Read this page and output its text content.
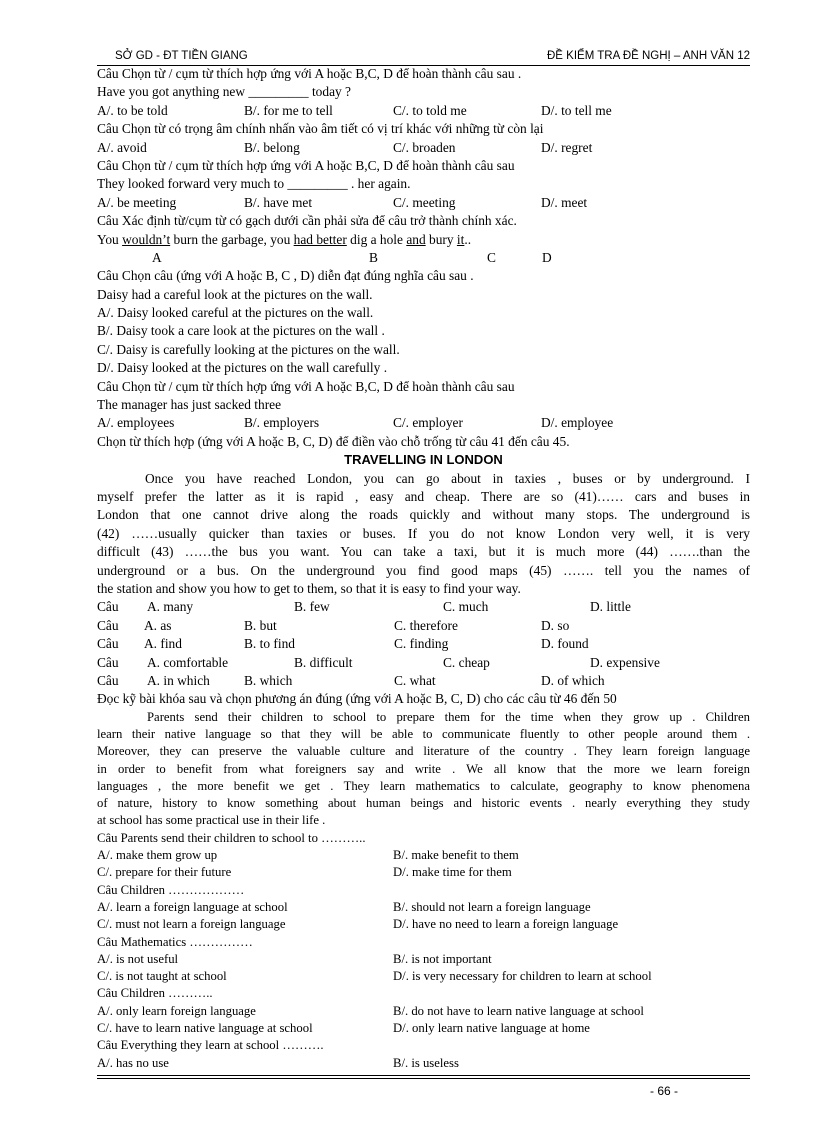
SỞ GD - ĐT TIỀN GIANG	ĐỀ KIỂM TRA ĐỀ NGHỊ – ANH VĂN 12
Câu Chọn từ / cụm từ thích hợp ứng với A hoặc B,C, D để hoàn thành câu sau .
Have you got anything new _________ today ?
A/. to be told	B/. for me to tell	C/. to told me	D/. to tell me
Câu Chọn từ có trọng âm chính nhấn vào âm tiết có vị trí khác với những từ còn lại
A/. avoid	B/. belong	C/. broaden	D/. regret
Câu Chọn từ / cụm từ thích hợp ứng với A hoặc B,C, D để hoàn thành câu sau
They looked forward very much to _________ . her again.
A/. be meeting	B/. have met	C/. meeting	D/. meet
Câu Xác định từ/cụm từ có gạch dưới cần phải sửa để câu trở thành chính xác.
You wouldn’t burn the garbage, you had better dig a hole and bury it..
A	B	C	D
Câu Chọn câu (ứng với A hoặc B, C , D) diễn đạt đúng nghĩa câu sau .
Daisy had a careful look at the pictures on the wall.
A/. Daisy looked careful at the pictures on the wall.
B/. Daisy took a care look at the pictures on the wall .
C/. Daisy is carefully looking at the pictures on the wall.
D/. Daisy looked at the pictures on the wall carefully .
Câu Chọn từ / cụm từ thích hợp ứng với A hoặc B,C, D để hoàn thành câu sau
The manager has just sacked three
A/. employees	B/. employers	C/. employer	D/. employee
Chọn từ thích hợp (ứng với A hoặc B, C, D) để điền vào chỗ trống từ câu 41 đến câu 45.
TRAVELLING IN LONDON
Once you have reached London, you can go about in taxies , buses or by underground. I
myself prefer the latter as it is rapid , easy and cheap. There are so (41)…… cars and buses in
London that one cannot drive along the roads quickly and without many stops. The underground is
(42) ……usually quicker than taxies or buses. If you do not know London very well, it is very
difficult (43) ……the bus you want. You can take a taxi, but it is much more (44) …….than the
underground or a bus. On the underground you find good maps (45) ……. tell you the names of
the station and show you how to get to them, so that it is easy to find your way.
Câu A. many	B. few	C. much	D. little
Câu A. as	B. but	C. therefore	D. so
Câu A. find	B. to find	C. finding	D. found
Câu A. comfortable	B. difficult	C. cheap	D. expensive
Câu A. in which	B. which	C. what	D. of which
Đọc kỹ bài khóa sau và chọn phương án đúng (ứng với A hoặc B, C, D) cho các câu từ 46 đến 50
Parents send their children to school to prepare them for the time when they grow up . Children
learn their native language so that they will be able to communicate fluently to other people around them .
Moreover, they can preserve the valuable culture and literature of the country . They learn foreign language
in order to benefit from what foreigners say and write . We all know that the more we learn foreign
languages , the more benefit we get . They learn mathematics to calculate, geography to know phenomena
of nature, history to know something about human beings and historic events . nearly everything they study
at school has some practical use in their life .
Câu Parents send their children to school to ………..
A/. make them grow up	B/. make benefit to them
C/. prepare for their future	D/. make time for them
Câu Children ………………
A/. learn a foreign language at school	B/. should not learn a foreign language
C/. must not learn a foreign language	D/. have no need to learn a foreign language
Câu Mathematics ……………
A/. is not useful	B/. is not important
C/. is not taught at school	D/. is very necessary for children to learn at school
Câu Children ………..
A/. only learn foreign language	B/. do not have to learn native language at school
C/. have to learn native language at school	D/. only learn native language at home
Câu Everything they learn at school ……….
A/. has no use	B/. is useless
- 66 -
